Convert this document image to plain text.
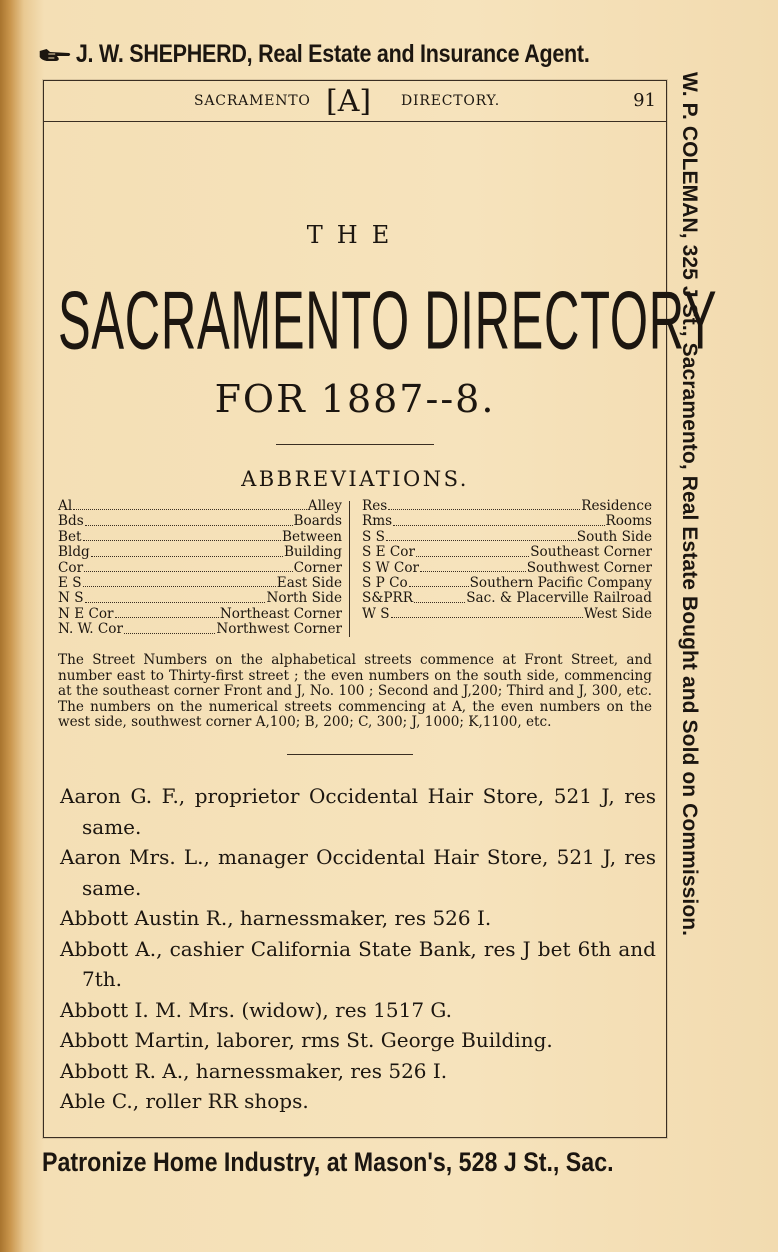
J. W. SHEPHERD, Real Estate and Insurance Agent.
W. P. COLEMAN, 325 J St., Sacramento, Real Estate Bought and Sold on Commission.
SACRAMENTO [A] DIRECTORY.	91
THE
SACRAMENTO DIRECTORY
FOR 1887--8.
ABBREVIATIONS.
Al	Alley
Bds	Boards
Bet	Between
Bldg	Building
Cor	Corner
E S	East Side
N S	North Side
N E Cor	Northeast Corner
N. W. Cor	Northwest Corner
Res	Residence
Rms	Rooms
S S	South Side
S E Cor	Southeast Corner
S W Cor	Southwest Corner
S P Co	Southern Pacific Company
S&PRR	Sac. & Placerville Railroad
W S	West Side
The Street Numbers on the alphabetical streets commence at Front Street, and number east to Thirty-first street ; the even numbers on the south side, commencing at the southeast corner Front and J, No. 100 ; Second and J,200; Third and J, 300, etc. The numbers on the numerical streets commencing at A, the even numbers on the west side, southwest corner A,100; B, 200; C, 300; J, 1000; K,1100, etc.

Aaron G. F., proprietor Occidental Hair Store, 521 J, res same.

Aaron Mrs. L., manager Occidental Hair Store, 521 J, res same.

Abbott Austin R., harnessmaker, res 526 I.

Abbott A., cashier California State Bank, res J bet 6th and 7th.

Abbott I. M. Mrs. (widow), res 1517 G.

Abbott Martin, laborer, rms St. George Building.

Abbott R. A., harnessmaker, res 526 I.

Able C., roller RR shops.

Patronize Home Industry, at Mason's, 528 J St., Sac.
